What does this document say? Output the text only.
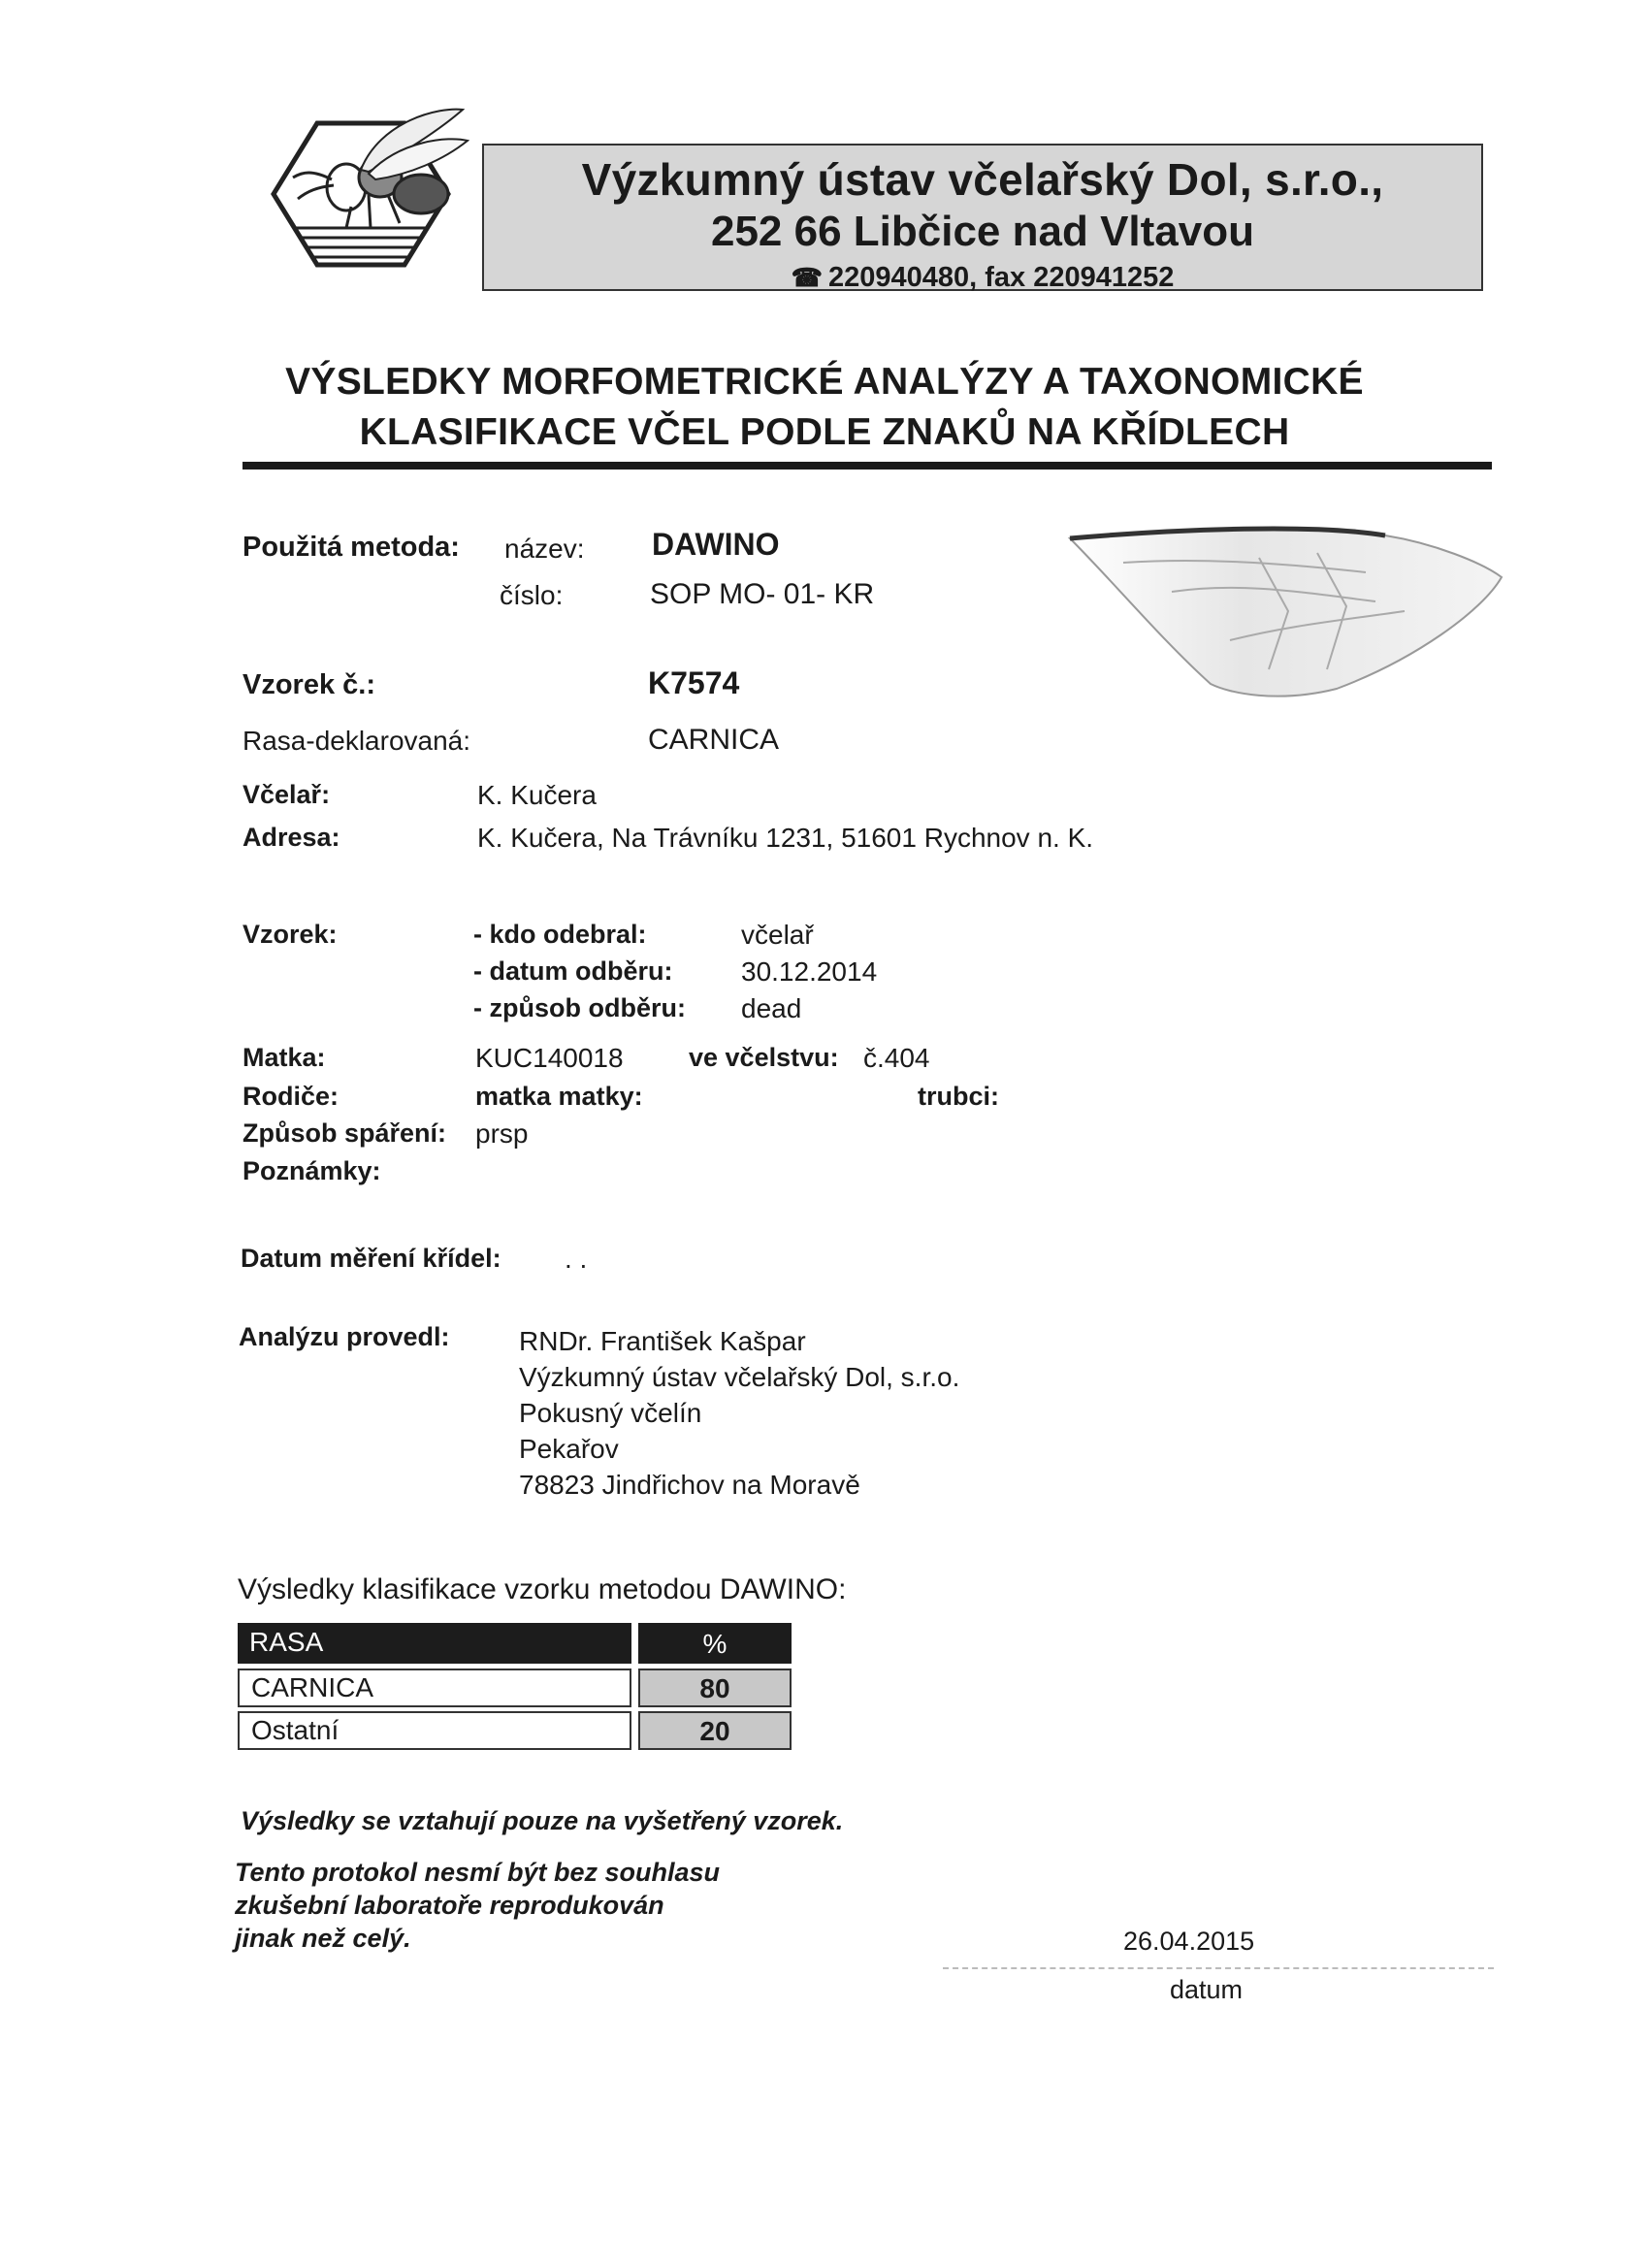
Výzkumný ústav včelařský Dol, s.r.o.,
252 66 Libčice nad Vltavou
☎ 220940480, fax 220941252
VÝSLEDKY MORFOMETRICKÉ ANALÝZY A TAXONOMICKÉ
KLASIFIKACE VČEL PODLE ZNAKŮ NA KŘÍDLECH
Použitá metoda: název: DAWINO
číslo:	SOP MO- 01- KR
Vzorek č.:	K7574
Rasa-deklarovaná:	CARNICA
Včelař:	K. Kučera
Adresa:	K. Kučera, Na Trávníku 1231, 51601 Rychnov n. K.
Vzorek:	- kdo odebral:	včelař
- datum odběru:	30.12.2014
- způsob odběru: dead
Matka:	KUC140018 ve včelstvu: č.404
Rodiče:	matka matky:	trubci:
Způsob spáření: prsp
Poznámky:
Datum měření křídel: . .
Analýzu provedl:	RNDr. František Kašpar
Výzkumný ústav včelařský Dol, s.r.o.
Pokusný včelín
Pekařov
78823 Jindřichov na Moravě
Výsledky klasifikace vzorku metodou DAWINO:
RASA	%
CARNICA	80
Ostatní	20
Výsledky se vztahují pouze na vyšetřený vzorek.
Tento protokol nesmí být bez souhlasu
zkušební laboratoře reprodukován
jinak než celý.	26.04.2015
datum
